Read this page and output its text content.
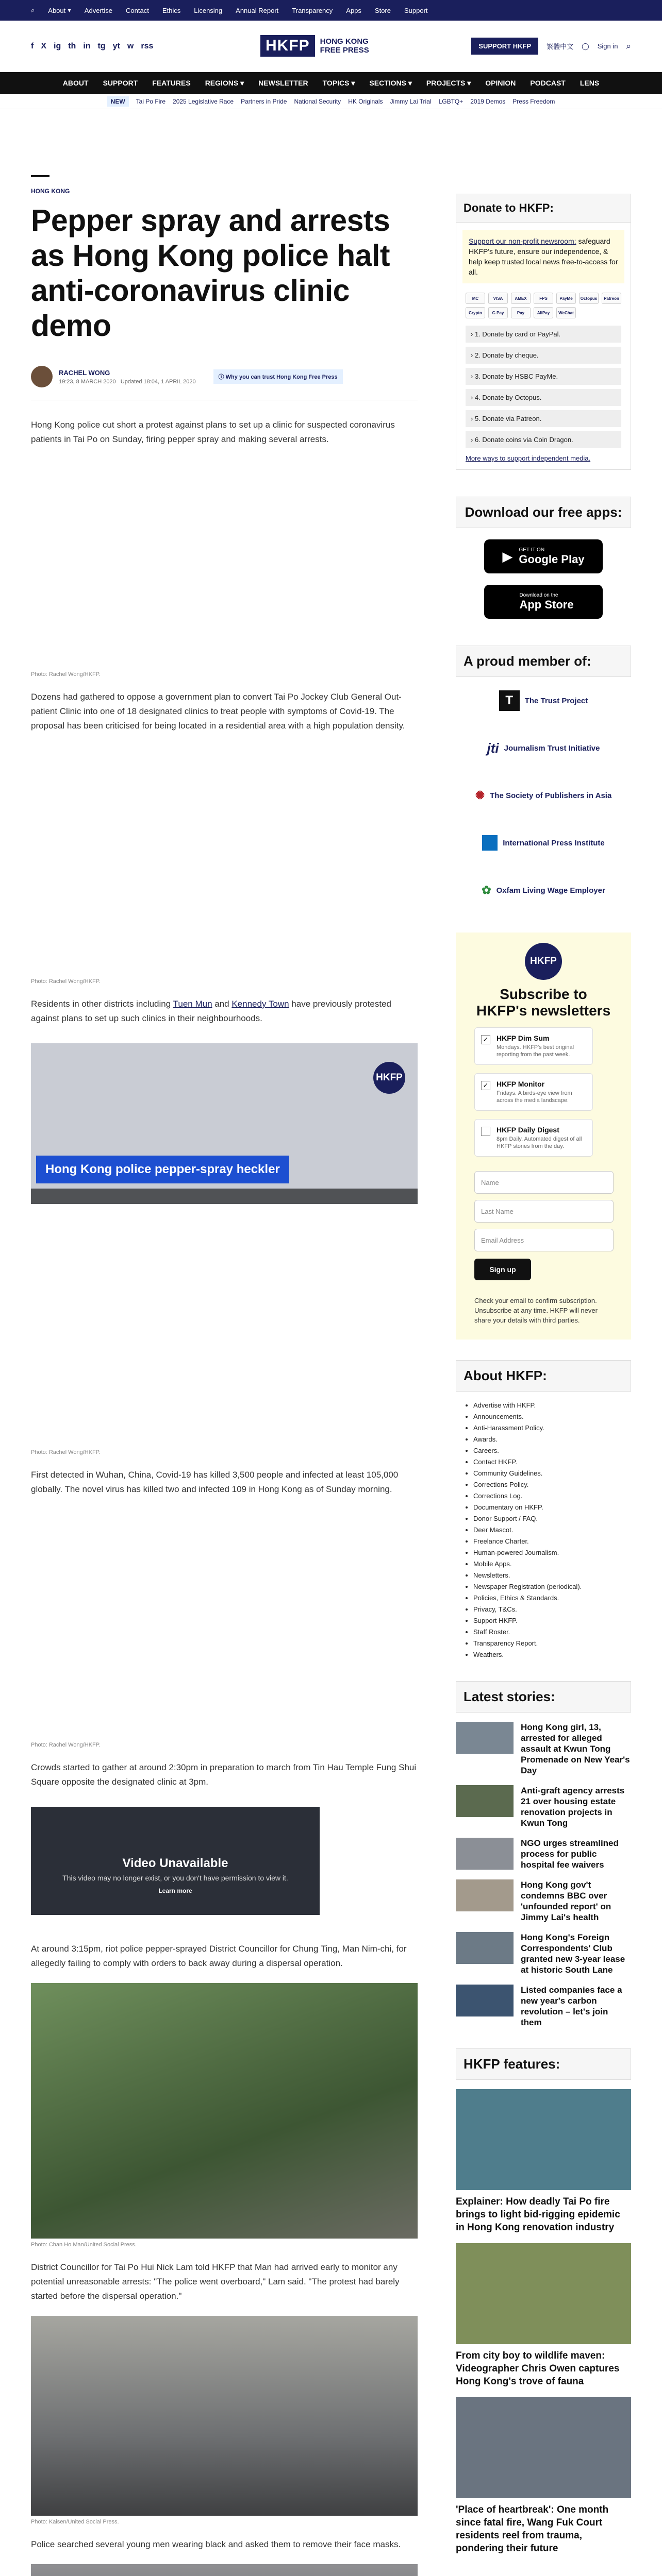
⌕ About ▾ Advertise Contact Ethics Licensing Annual Report Transparency Apps Store Support
f X ig th in tg yt w rss	HKFP	HONG KONG
FREE PRESS	SUPPORT HKFP	繁體中文 ◯ Sign in ⌕
ABOUT SUPPORT FEATURES REGIONS ▾ NEWSLETTER TOPICS ▾ SECTIONS ▾ PROJECTS ▾ OPINION PODCAST LENS
NEW	Tai Po Fire 2025 Legislative Race Partners in Pride National Security HK Originals Jimmy Lai Trial LGBTQ+ 2019 Demos Press Freedom
HONG KONG
Pepper spray and arrests as Hong Kong police halt anti-coronavirus clinic demo
RACHEL WONG
19:23, 8 MARCH 2020 Updated 18:04, 1 APRIL 2020
ⓘ Why you can trust Hong Kong Free Press

Hong Kong police cut short a protest against plans to set up a clinic for suspected coronavirus patients in Tai Po on Sunday, firing pepper spray and making several arrests.

Photo: Rachel Wong/HKFP.

Dozens had gathered to oppose a government plan to convert Tai Po Jockey Club General Out-patient Clinic into one of 18 designated clinics to treat people with symptoms of Covid-19. The proposal has been criticised for being located in a residential area with a high population density.

Photo: Rachel Wong/HKFP.

Residents in other districts including Tuen Mun and Kennedy Town have previously protested against plans to set up such clinics in their neighbourhoods.

HKFP
Hong Kong police pepper-spray heckler
Photo: Rachel Wong/HKFP.

First detected in Wuhan, China, Covid-19 has killed 3,500 people and infected at least 105,000 globally. The novel virus has killed two and infected 109 in Hong Kong as of Sunday morning.

Photo: Rachel Wong/HKFP.

Crowds started to gather at around 2:30pm in preparation to march from Tin Hau Temple Fung Shui Square opposite the designated clinic at 3pm.

Video Unavailable
This video may no longer exist, or you don't have permission to view it.
Learn more

At around 3:15pm, riot police pepper-sprayed District Councillor for Chung Ting, Man Nim-chi, for allegedly failing to comply with orders to back away during a dispersal operation.

Photo: Chan Ho Man/United Social Press.

District Councillor for Tai Po Hui Nick Lam told HKFP that Man had arrived early to monitor any potential unreasonable arrests: "The police went overboard," Lam said. "The protest had barely started before the dispersal operation."

Photo: Kaisen/United Social Press.

Police searched several young men wearing black and asked them to remove their face masks.

Donate to HKFP:
Support our non-profit newsroom: safeguard HKFP's future, ensure our independence, & help keep trusted local news free-to-access for all.
MC	VISA	AMEX	FPS	PayMe	Octopus	Patreon
Crypto	G Pay	Pay	AliPay	WeChat
› 1. Donate by card or PayPal.
› 2. Donate by cheque.
› 3. Donate by HSBC PayMe.
› 4. Donate by Octopus.
› 5. Donate via Patreon.
› 6. Donate coins via Coin Dragon.
More ways to support independent media.
Download our free apps:
▶ GET IT ON
Google Play
Download on the
App Store
A proud member of:
T	The Trust Project
jti Journalism Trust Initiative
✺ The Society of Publishers in Asia
International Press Institute
✿ Oxfam Living Wage Employer
HKFP
Subscribe to HKFP's newsletters
✓ HKFP Dim Sum
Mondays. HKFP's best original reporting from the past week.
✓ HKFP Monitor
Fridays. A birds-eye view from across the media landscape.
HKFP Daily Digest
8pm Daily. Automated digest of all HKFP stories from the day.
Name
Last Name
Email Address
Sign up
Check your email to confirm subscription. Unsubscribe at any time. HKFP will never share your details with third parties.
About HKFP:
• Advertise with HKFP.
• Announcements.
• Anti-Harassment Policy.
• Awards.
• Careers.
• Contact HKFP.
• Community Guidelines.
• Corrections Policy.
• Corrections Log.
• Documentary on HKFP.
• Donor Support / FAQ.
• Deer Mascot.
• Freelance Charter.
• Human-powered Journalism.
• Mobile Apps.
• Newsletters.
• Newspaper Registration (periodical).
• Policies, Ethics & Standards.
• Privacy, T&Cs.
• Support HKFP.
• Staff Roster.
• Transparency Report.
• Weathers.
Latest stories:
Hong Kong girl, 13, arrested for alleged assault at Kwun Tong Promenade on New Year's Day
Anti-graft agency arrests 21 over housing estate renovation projects in Kwun Tong
NGO urges streamlined process for public hospital fee waivers
Hong Kong gov't condemns BBC over 'unfounded report' on Jimmy Lai's health
Hong Kong's Foreign Correspondents' Club granted new 3-year lease at historic South Lane
Listed companies face a new year's carbon revolution – let's join them
HKFP features:
Explainer: How deadly Tai Po fire brings to light bid-rigging epidemic in Hong Kong renovation industry
From city boy to wildlife maven: Videographer Chris Owen captures Hong Kong's trove of fauna
'Place of heartbreak': One month since fatal fire, Wang Fuk Court residents reel from trauma, pondering their future
